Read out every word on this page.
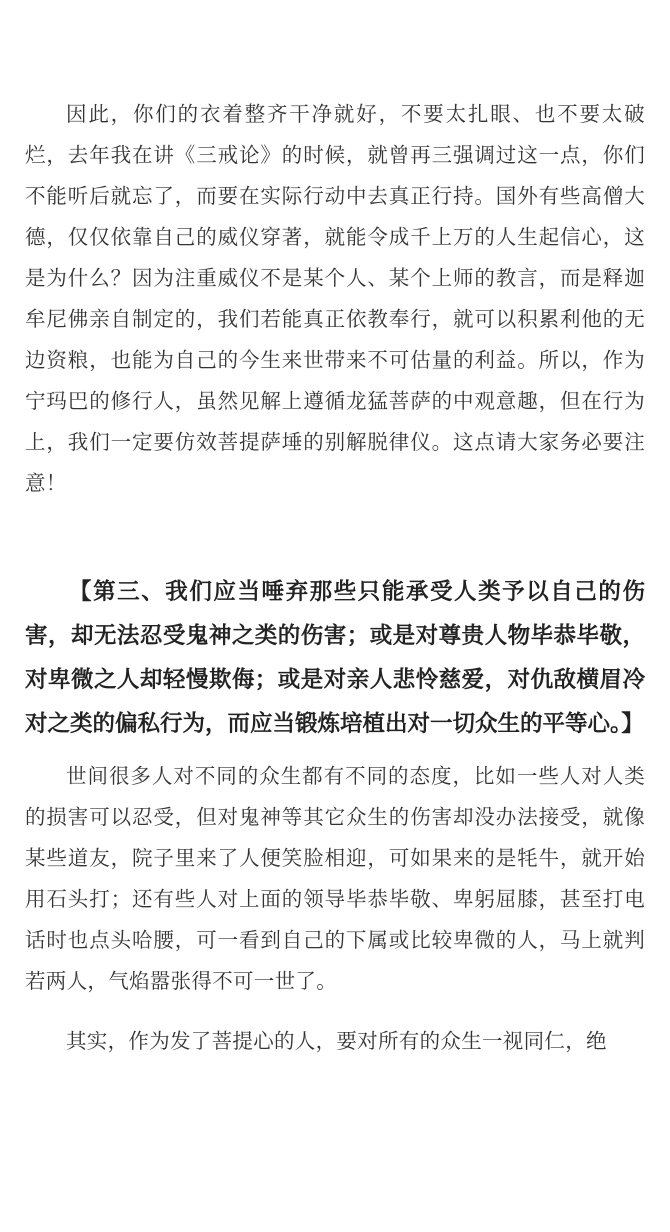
因此，你们的衣着整齐干净就好，不要太扎眼、也不要太破烂，去年我在讲《三戒论》的时候，就曾再三强调过这一点，你们不能听后就忘了，而要在实际行动中去真正行持。国外有些高僧大德，仅仅依靠自己的威仪穿著，就能令成千上万的人生起信心，这是为什么？因为注重威仪不是某个人、某个上师的教言，而是释迦牟尼佛亲自制定的，我们若能真正依教奉行，就可以积累利他的无边资粮，也能为自己的今生来世带来不可估量的利益。所以，作为宁玛巴的修行人，虽然见解上遵循龙猛菩萨的中观意趣，但在行为上，我们一定要仿效菩提萨埵的别解脱律仪。这点请大家务必要注意！

【第三、我们应当唾弃那些只能承受人类予以自己的伤害，却无法忍受鬼神之类的伤害；或是对尊贵人物毕恭毕敬，对卑微之人却轻慢欺侮；或是对亲人悲怜慈爱，对仇敌横眉冷对之类的偏私行为，而应当锻炼培植出对一切众生的平等心。】

世间很多人对不同的众生都有不同的态度，比如一些人对人类的损害可以忍受，但对鬼神等其它众生的伤害却没办法接受，就像某些道友，院子里来了人便笑脸相迎，可如果来的是牦牛，就开始用石头打；还有些人对上面的领导毕恭毕敬、卑躬屈膝，甚至打电话时也点头哈腰，可一看到自己的下属或比较卑微的人，马上就判若两人，气焰嚣张得不可一世了。

其实，作为发了菩提心的人，要对所有的众生一视同仁，绝
